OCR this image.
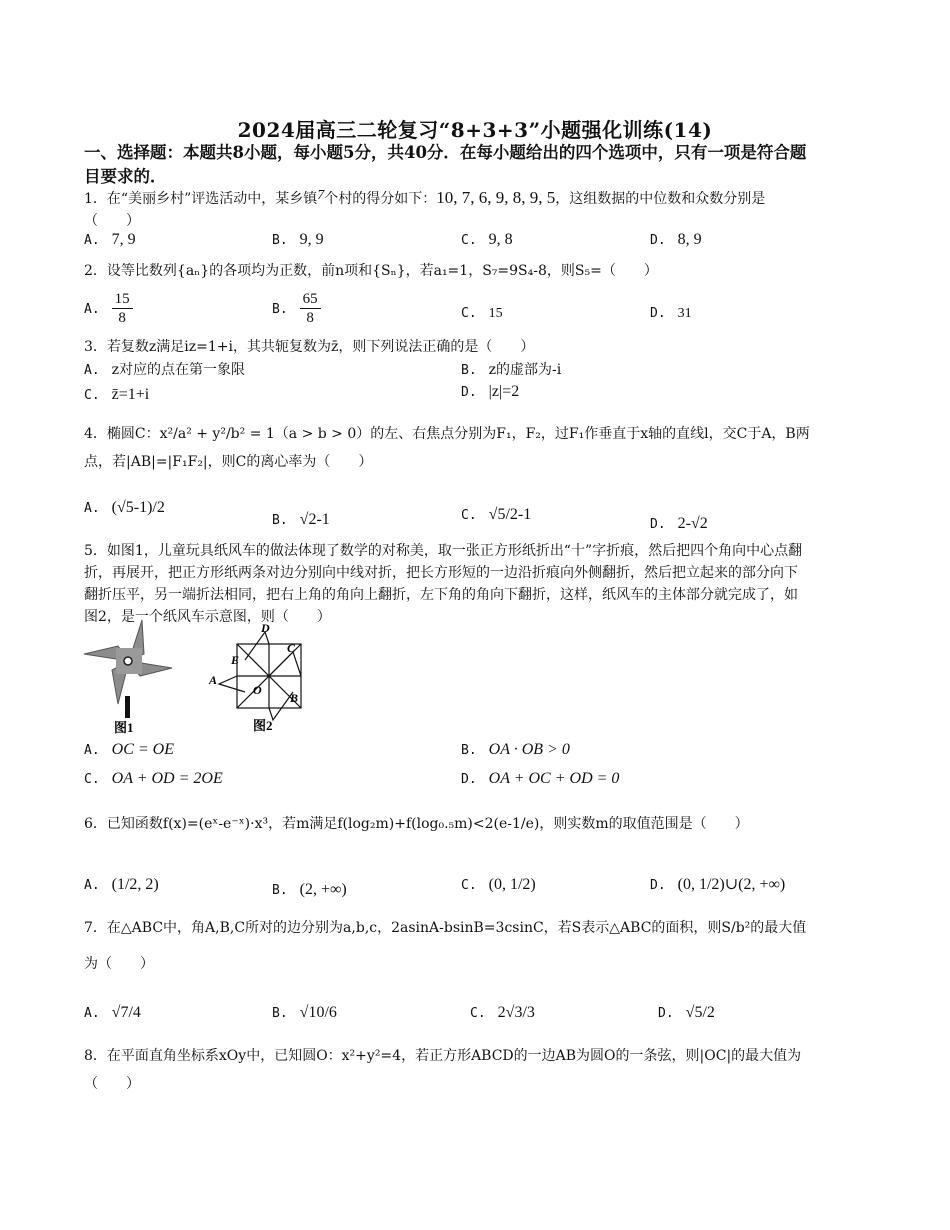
2024届高三二轮复习“8+3+3”小题强化训练(14)
一、选择题：本题共8小题，每小题5分，共40分．在每小题给出的四个选项中，只有一项是符合题目要求的．
1．在“美丽乡村”评选活动中，某乡镇7个村的得分如下：10, 7, 6, 9, 8, 9, 5，这组数据的中位数和众数分别是（　　）
A. 7, 9	B. 9, 9	C. 9, 8	D. 8, 9
2．设等比数列{aₙ}的各项均为正数，前n项和{Sₙ}，若a₁=1，S₇=9S₄-8，则S₅=（　　）
A. $\frac{15}{8}$	B. $\frac{65}{8}$	C. 15	D. 31
3．若复数z满足iz=1+i，其共轭复数为z̄，则下列说法正确的是（　　）
A. z对应的点在第一象限	B. z的虚部为-i
C. z̄=1+i	D. |z|=2
4．椭圆C：x²/a² + y²/b² = 1（a > b > 0）的左、右焦点分别为F₁，F₂，过F₁作垂直于x轴的直线l，交C于A，B两点，若|AB|=|F₁F₂|，则C的离心率为（　　）
A. (√5-1)/2
B. √2-1	C. √5/2-1
D. 2-√2
5．如图1，儿童玩具纸风车的做法体现了数学的对称美，取一张正方形纸折出“十”字折痕，然后把四个角向中心点翻折，再展开，把正方形纸两条对边分别向中线对折，把长方形短的一边沿折痕向外侧翻折，然后把立起来的部分向下翻折压平，另一端折法相同，把右上角的角向上翻折，左下角的角向下翻折，这样，纸风车的主体部分就完成了，如图2，是一个纸风车示意图，则（　　）
图1
D
C
E
A
O
B
图2
A. OC = OE	B. OA · OB > 0
C. OA + OD = 2OE	D. OA + OC + OD = 0
6．已知函数f(x)=(eˣ-e⁻ˣ)·x³，若m满足f(log₂m)+f(log₀.₅m)<2(e-1/e)，则实数m的取值范围是（　　）
A. (1/2, 2)	B. (2, +∞)	C. (0, 1/2)	D. (0, 1/2)∪(2, +∞)
7．在△ABC中，角A,B,C所对的边分别为a,b,c，2asinA-bsinB=3csinC，若S表示△ABC的面积，则S/b²的最大值为（　　）
A. √7/4	B. √10/6	C. 2√3/3	D. √5/2
8．在平面直角坐标系xOy中，已知圆O：x²+y²=4，若正方形ABCD的一边AB为圆O的一条弦，则|OC|的最大值为（　　）
